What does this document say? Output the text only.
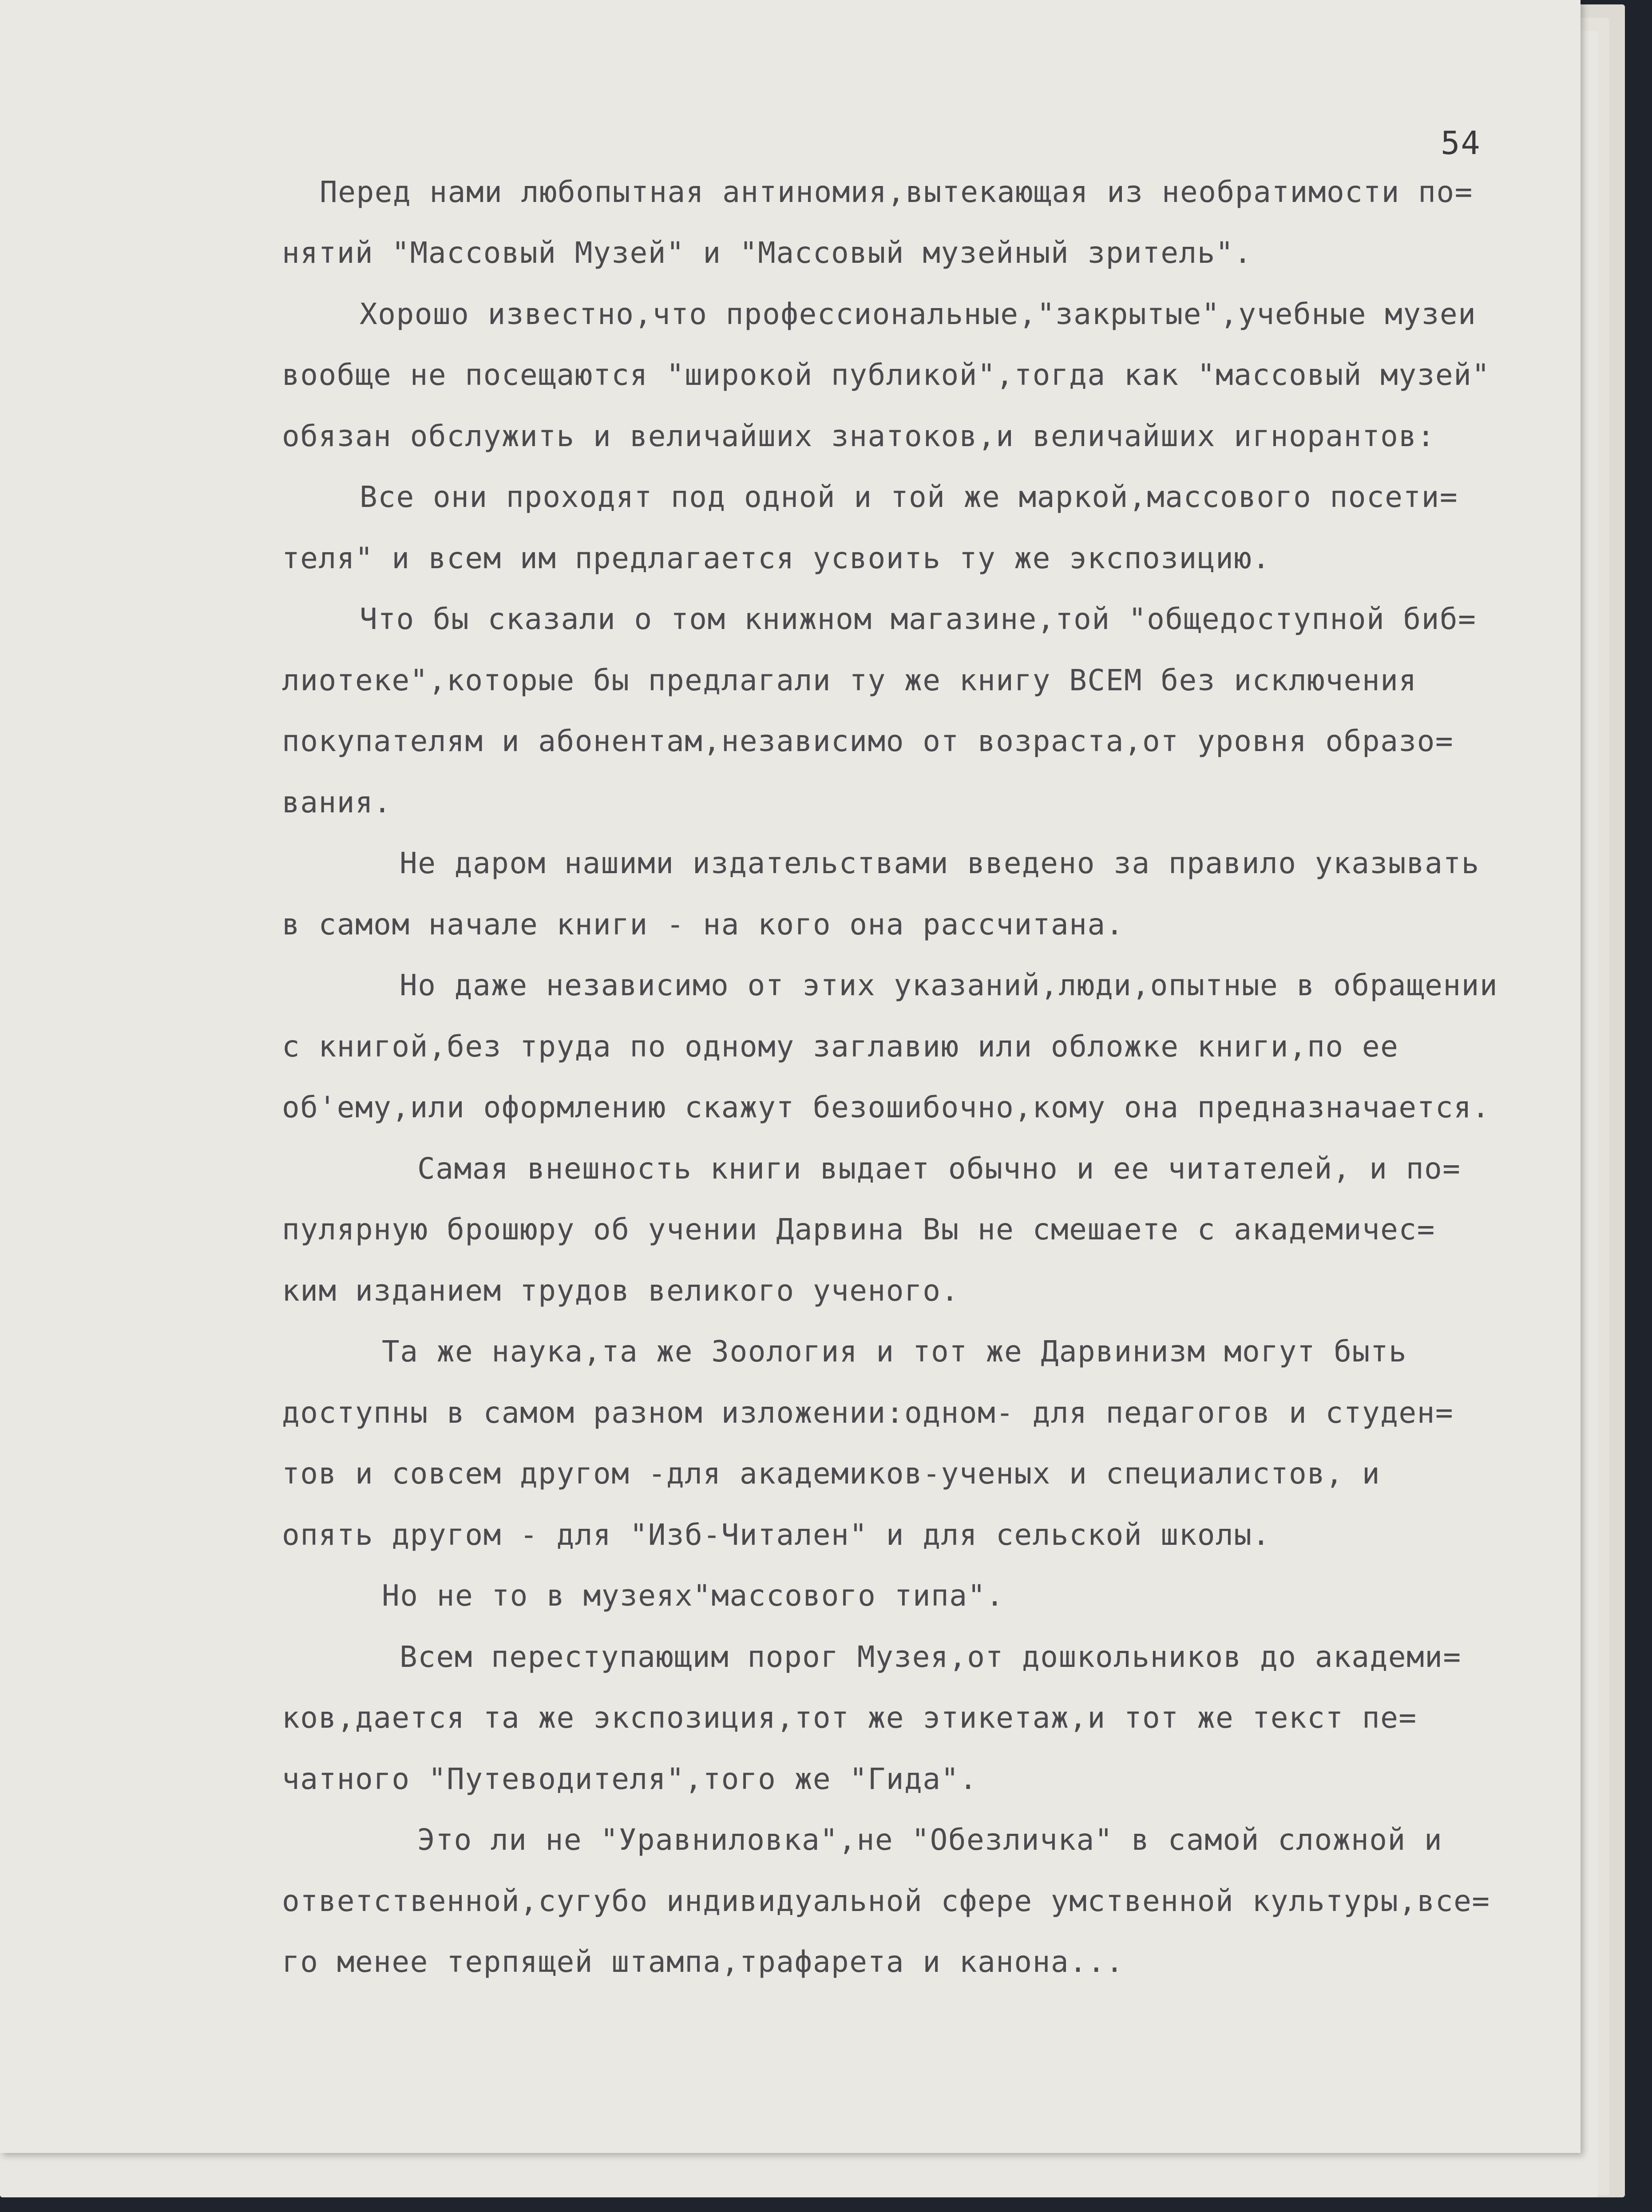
54
Перед нами любопытная антиномия,вытекающая из необратимости по=
нятий "Массовый Музей" и "Массовый музейный зритель".
Хорошо известно,что профессиональные,"закрытые",учебные музеи
вообще не посещаются "широкой публикой",тогда как "массовый музей"
обязан обслужить и величайших знатоков,и величайших игнорантов:
Все они проходят под одной и той же маркой,массового посети=
теля" и всем им предлагается усвоить ту же экспозицию.
Что бы сказали о том книжном магазине,той "общедоступной биб=
лиотеке",которые бы предлагали ту же книгу ВСЕМ без исключения
покупателям и абонентам,независимо от возраста,от уровня образо=
вания.
Не даром нашими издательствами введено за правило указывать
в самом начале книги - на кого она рассчитана.
Но даже независимо от этих указаний,люди,опытные в обращении
с книгой,без труда по одному заглавию или обложке книги,по ее
об'ему,или оформлению скажут безошибочно,кому она предназначается.
Самая внешность книги выдает обычно и ее читателей, и по=
пулярную брошюру об учении Дарвина Вы не смешаете с академичес=
ким изданием трудов великого ученого.
Та же наука,та же Зоология и тот же Дарвинизм могут быть
доступны в самом разном изложении:одном- для педагогов и студен=
тов и совсем другом -для академиков-ученых и специалистов, и
опять другом - для "Изб-Читален" и для сельской школы.
Но не то в музеях"массового типа".
Всем переступающим порог Музея,от дошкольников до академи=
ков,дается та же экспозиция,тот же этикетаж,и тот же текст пе=
чатного "Путеводителя",того же "Гида".
Это ли не "Уравниловка",не "Обезличка" в самой сложной и
ответственной,сугубо индивидуальной сфере умственной культуры,все=
го менее терпящей штампа,трафарета и канона...
